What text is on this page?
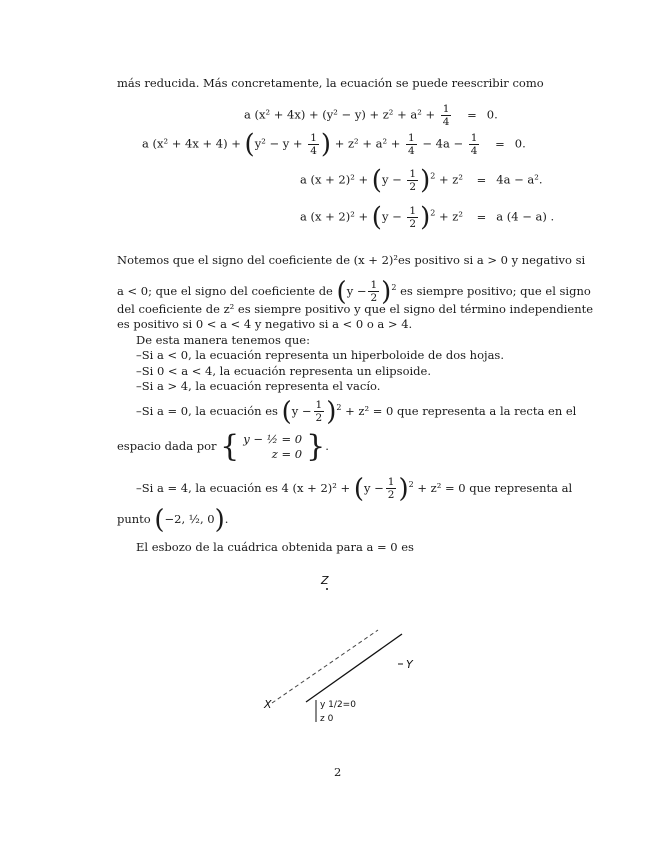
más reducida. Más concretamente, la ecuación se puede reescribir como
a $(x^2 + 4x) + (y^2 - y) + z^2 + a^2 + \frac{1}{4} = 0$.
a $(x^2 + 4x + 4) + (y^2 - y + \frac{1}{4}$ ) + $z^2 + a^2 + \frac{1}{4} - 4a - \frac{1}{4} = 0$.
a $(x + 2)^2 + (y - \frac{1}{2} )^2 + z^2 = 4a - a^2$.
a $(x + 2)^2 + (y - \frac{1}{2} )^2 + z^2 = a$ (4 − a) .
Notemos que el signo del coeficiente de (x + 2)²es positivo si a > 0 y negativo si
a < 0; que el signo del coeficiente de $(y - \frac{1}{2} )^2$ es siempre positivo; que el signo
del coeficiente de z² es siempre positivo y que el signo del término independiente
es positivo si 0 < a < 4 y negativo si a < 0 o a > 4.
De esta manera tenemos que:
–Si a < 0, la ecuación representa un hiperboloide de dos hojas.
–Si 0 < a < 4, la ecuación representa un elipsoide.
–Si a > 4, la ecuación representa el vacío.
–Si a = 0, la ecuación es $(y - \frac{1}{2} )^2 + z^2 = 0$ que representa a la recta en el
espacio dada por { y − ½ = 0
z = 0 }.
–Si a = 4, la ecuación es 4 $(x + 2)^2 + (y - \frac{1}{2} )^2 + z^2 = 0$ que representa al
punto (−2, ½, 0).
El esbozo de la cuádrica obtenida para a = 0 es
Z
Y
X	y 1/2=0
z 0
2
